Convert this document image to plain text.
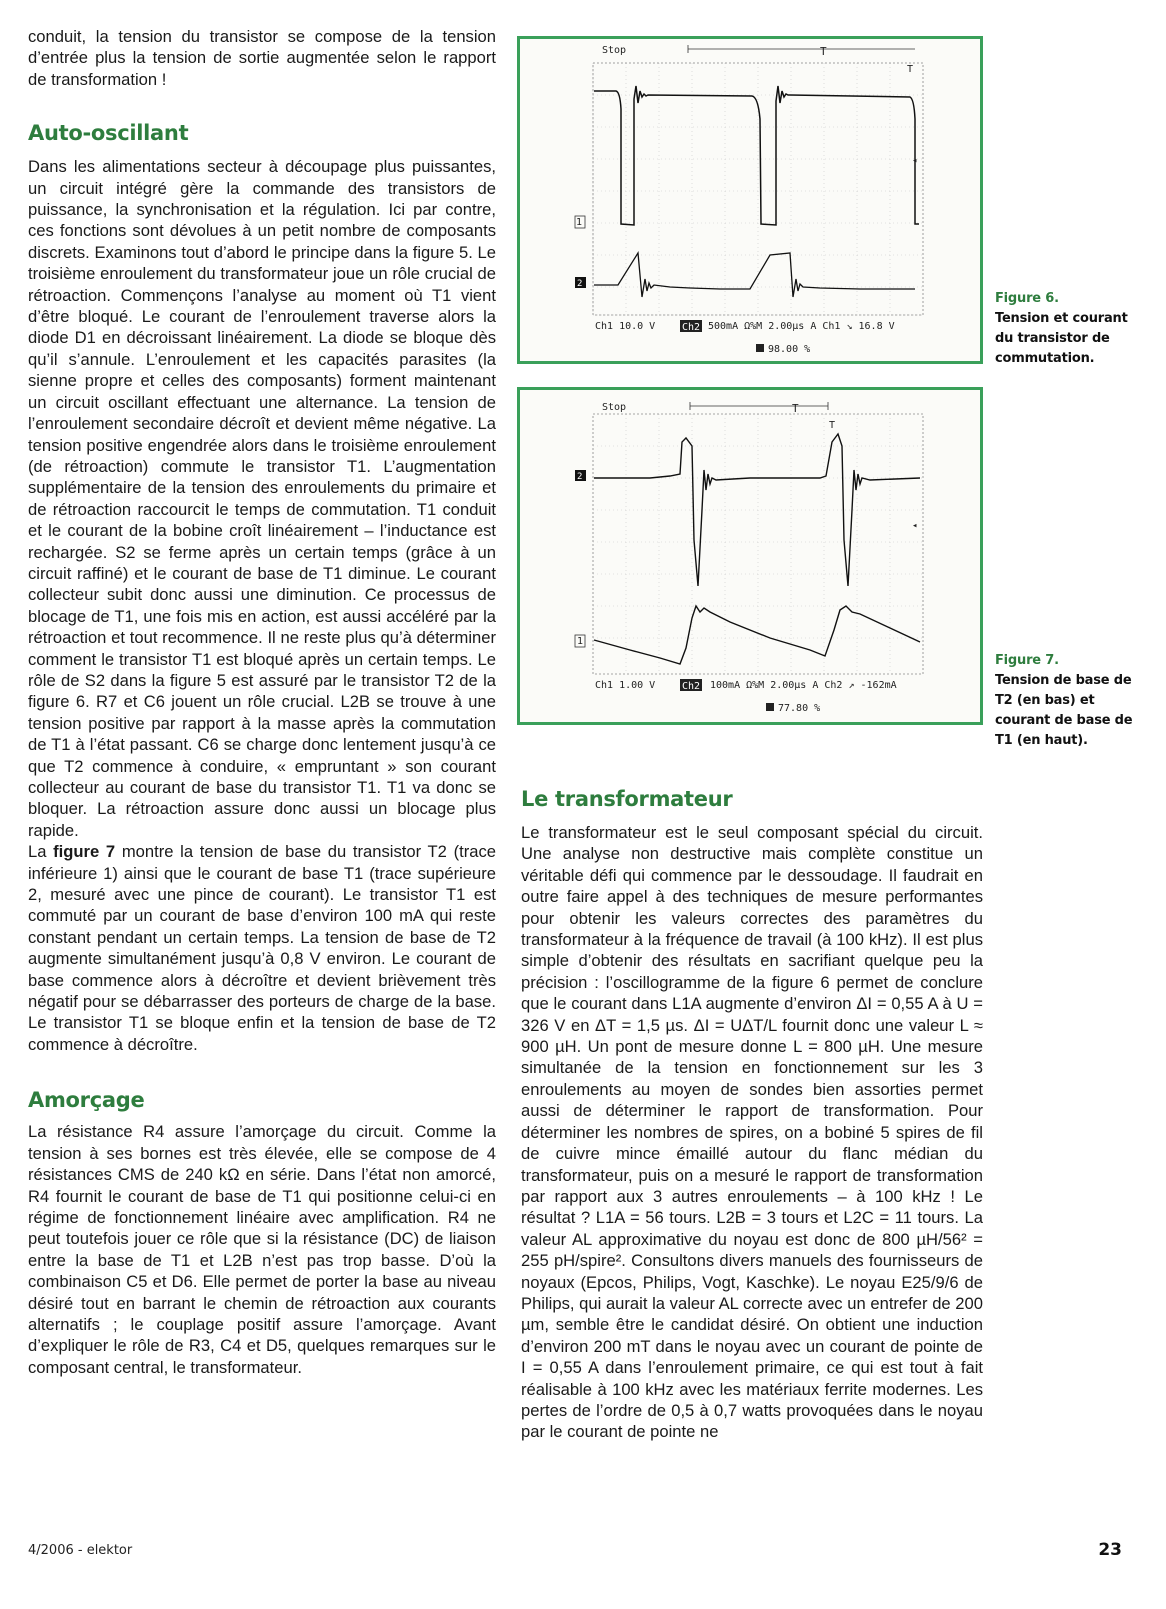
conduit, la tension du transistor se compose de la tension d’entrée plus la tension de sortie augmentée selon le rapport de transformation !

Auto-oscillant

Dans les alimentations secteur à découpage plus puissantes, un circuit intégré gère la commande des transistors de puissance, la synchronisation et la régulation. Ici par contre, ces fonctions sont dévolues à un petit nombre de composants discrets. Examinons tout d’abord le principe dans la figure 5. Le troisième enroulement du transformateur joue un rôle crucial de rétroaction. Commençons l’analyse au moment où T1 vient d’être bloqué. Le courant de l’enroulement traverse alors la diode D1 en décroissant linéairement. La diode se bloque dès qu’il s’annule. L’enroulement et les capacités parasites (la sienne propre et celles des composants) forment maintenant un circuit oscillant effectuant une alternance. La tension de l’enroulement secondaire décroît et devient même négative. La tension positive engendrée alors dans le troisième enroulement (de rétroaction) commute le transistor T1. L’augmentation supplémentaire de la tension des enroulements du primaire et de rétroaction raccourcit le temps de commutation. T1 conduit et le courant de la bobine croît linéairement – l’inductance est rechargée. S2 se ferme après un certain temps (grâce à un circuit raffiné) et le courant de base de T1 diminue. Le courant collecteur subit donc aussi une diminution. Ce processus de blocage de T1, une fois mis en action, est aussi accéléré par la rétroaction et tout recommence. Il ne reste plus qu’à déterminer comment le transistor T1 est bloqué après un certain temps. Le rôle de S2 dans la figure 5 est assuré par le transistor T2 de la figure 6. R7 et C6 jouent un rôle crucial. L2B se trouve à une tension positive par rapport à la masse après la commutation de T1 à l’état passant. C6 se charge donc lentement jusqu’à ce que T2 commence à conduire, « empruntant » son courant collecteur au courant de base du transistor T1. T1 va donc se bloquer. La rétroaction assure donc aussi un blocage plus rapide.

La figure 7 montre la tension de base du transistor T2 (trace inférieure 1) ainsi que le courant de base T1 (trace supérieure 2, mesuré avec une pince de courant). Le transistor T1 est commuté par un courant de base d’environ 100 mA qui reste constant pendant un certain temps. La tension de base de T2 augmente simultanément jusqu’à 0,8 V environ. Le courant de base commence alors à décroître et devient brièvement très négatif pour se débarrasser des porteurs de charge de la base. Le transistor T1 se bloque enfin et la tension de base de T2 commence à décroître.

Amorçage

La résistance R4 assure l’amorçage du circuit. Comme la tension à ses bornes est très élevée, elle se compose de 4 résistances CMS de 240 kΩ en série. Dans l’état non amorcé, R4 fournit le courant de base de T1 qui positionne celui-ci en régime de fonctionnement linéaire avec amplification. R4 ne peut toutefois jouer ce rôle que si la résistance (DC) de liaison entre la base de T1 et L2B n’est pas trop basse. D’où la combinaison C5 et D6. Elle permet de porter la base au niveau désiré tout en barrant le chemin de rétroaction aux courants alternatifs ; le couplage positif assure l’amorçage. Avant d’expliquer le rôle de R3, C4 et D5, quelques remarques sur le composant central, le transformateur.

Stop	T
T
1
2
◂
Ch1 10.0 V	Ch2 500mA Ω%M 2.00µs A Ch1 ↘ 16.8 V
98.00 %
Figure 6.
Tension et courant du transistor de commutation.
Stop	T
T
2
1
◂
Ch1 1.00 V	Ch2 100mA Ω%M 2.00µs A Ch2 ↗ -162mA
77.80 %
Figure 7.
Tension de base de T2 (en bas) et courant de base de T1 (en haut).
Le transformateur

Le transformateur est le seul composant spécial du circuit. Une analyse non destructive mais complète constitue un véritable défi qui commence par le dessoudage. Il faudrait en outre faire appel à des techniques de mesure performantes pour obtenir les valeurs correctes des paramètres du transformateur à la fréquence de travail (à 100 kHz). Il est plus simple d’obtenir des résultats en sacrifiant quelque peu la précision : l’oscillogramme de la figure 6 permet de conclure que le courant dans L1A augmente d’environ ΔI = 0,55 A à U = 326 V en ΔT = 1,5 µs. ΔI = UΔT/L fournit donc une valeur L ≈ 900 µH. Un pont de mesure donne L = 800 µH. Une mesure simultanée de la tension en fonctionnement sur les 3 enroulements au moyen de sondes bien assorties permet aussi de déterminer le rapport de transformation. Pour déterminer les nombres de spires, on a bobiné 5 spires de fil de cuivre mince émaillé autour du flanc médian du transformateur, puis on a mesuré le rapport de transformation par rapport aux 3 autres enroulements – à 100 kHz ! Le résultat ? L1A = 56 tours. L2B = 3 tours et L2C = 11 tours. La valeur AL approximative du noyau est donc de 800 µH/56² = 255 pH/spire². Consultons divers manuels des fournisseurs de noyaux (Epcos, Philips, Vogt, Kaschke). Le noyau E25/9/6 de Philips, qui aurait la valeur AL correcte avec un entrefer de 200 µm, semble être le candidat désiré. On obtient une induction d’environ 200 mT dans le noyau avec un courant de pointe de I = 0,55 A dans l’enroulement primaire, ce qui est tout à fait réalisable à 100 kHz avec les matériaux ferrite modernes. Les pertes de l’ordre de 0,5 à 0,7 watts provoquées dans le noyau par le courant de pointe ne

4/2006 - elektor	23
